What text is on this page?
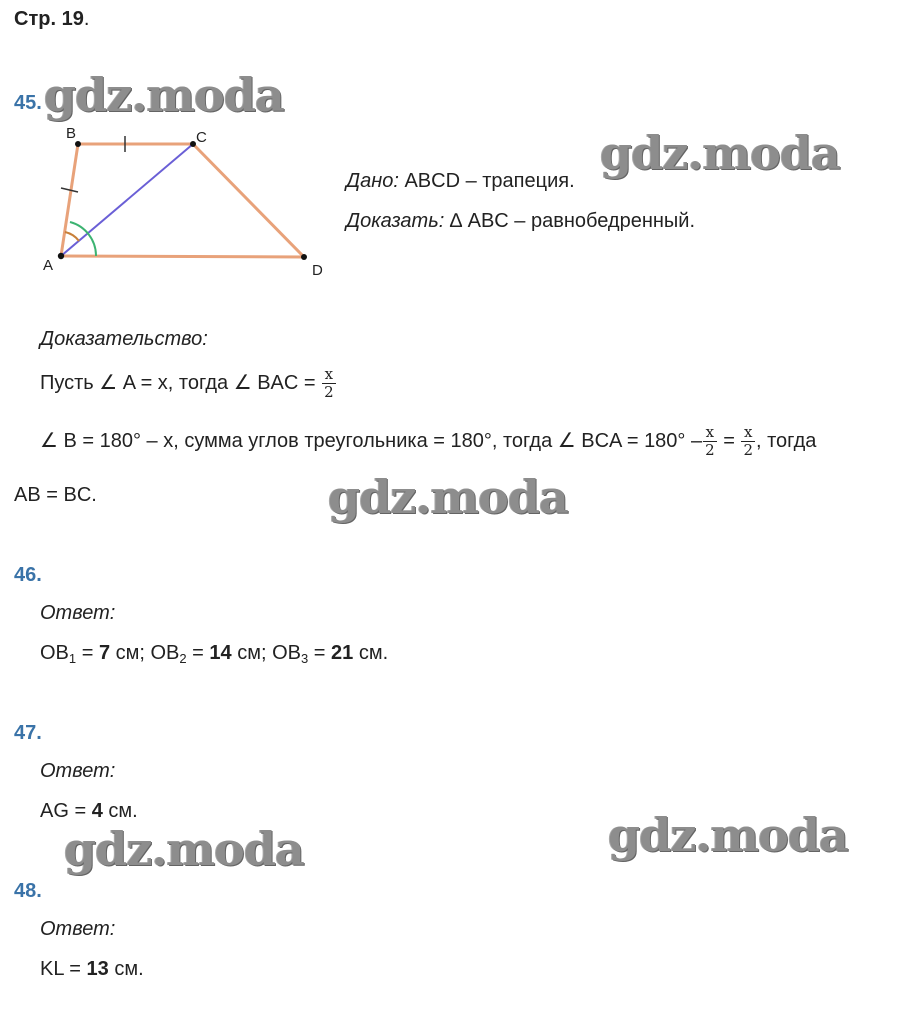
Стр. 19.
45.
B	C
A	D
Дано: ABCD – трапеция.
Доказать: ∆ ABC – равнобедренный.
Доказательство:
Пусть ∠ A = x, тогда ∠ BAC = $\frac{x}{2}$
∠ B = 180° – x, сумма углов треугольника = 180°, тогда ∠ BCA = $180^\circ - \frac{x}{2} = \frac{x}{2}$ , тогда
AB = BC.
46.
Ответ:
$OB_1 = 7$ см; $OB_2 = 14$ см; $OB_3 = 21$ см.
47.
Ответ:
AG = 4 см.
48.
Ответ:
KL = 13 см.
gdz.moda
gdz.moda
gdz.moda
gdz.moda	gdz.moda
